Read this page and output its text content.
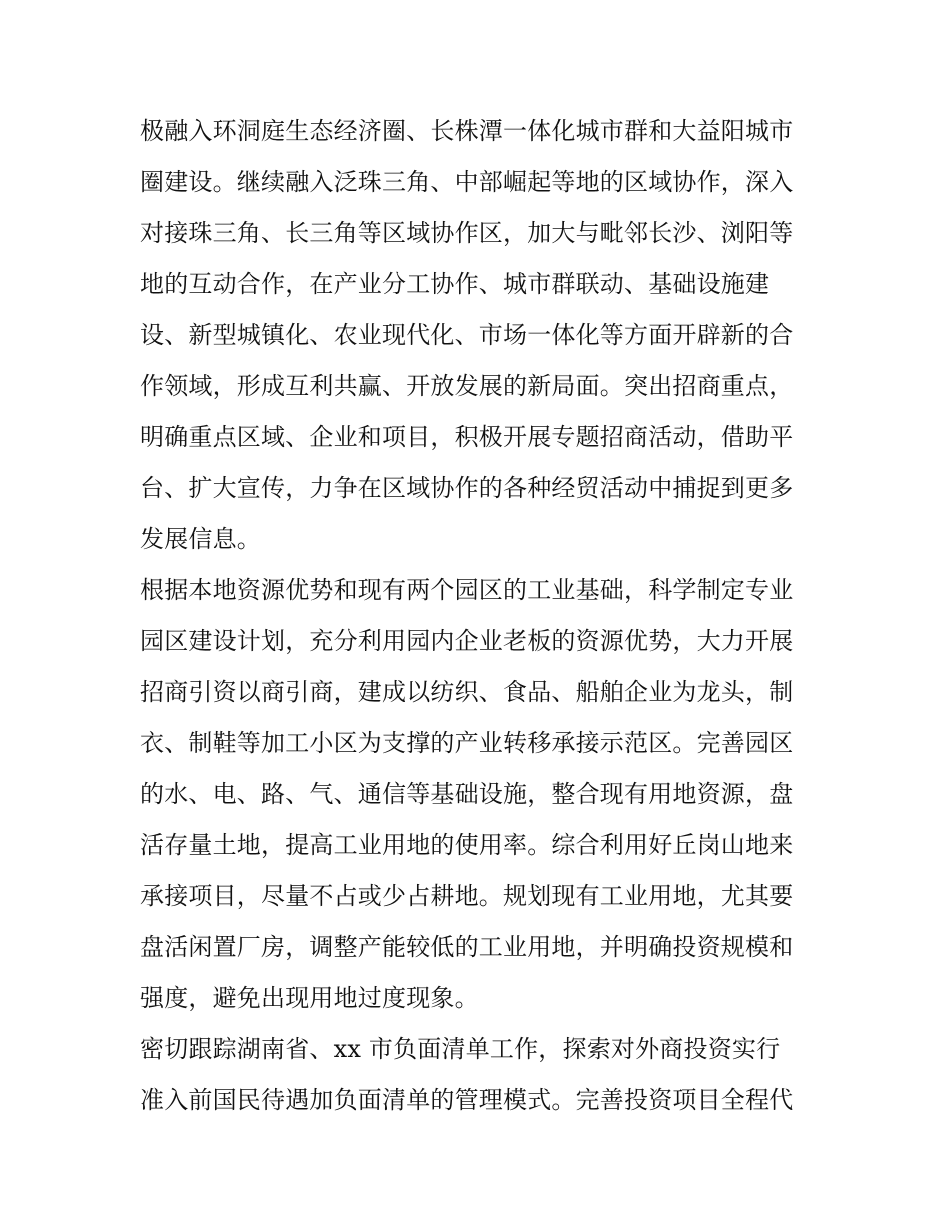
极融入环洞庭生态经济圈、长株潭一体化城市群和大益阳城市
圈建设。继续融入泛珠三角、中部崛起等地的区域协作，深入
对接珠三角、长三角等区域协作区，加大与毗邻长沙、浏阳等
地的互动合作，在产业分工协作、城市群联动、基础设施建
设、新型城镇化、农业现代化、市场一体化等方面开辟新的合
作领域，形成互利共赢、开放发展的新局面。突出招商重点，
明确重点区域、企业和项目，积极开展专题招商活动，借助平
台、扩大宣传，力争在区域协作的各种经贸活动中捕捉到更多
发展信息。
根据本地资源优势和现有两个园区的工业基础，科学制定专业
园区建设计划，充分利用园内企业老板的资源优势，大力开展
招商引资以商引商，建成以纺织、食品、船舶企业为龙头，制
衣、制鞋等加工小区为支撑的产业转移承接示范区。完善园区
的水、电、路、气、通信等基础设施，整合现有用地资源，盘
活存量土地，提高工业用地的使用率。综合利用好丘岗山地来
承接项目，尽量不占或少占耕地。规划现有工业用地，尤其要
盘活闲置厂房，调整产能较低的工业用地，并明确投资规模和
强度，避免出现用地过度现象。
密切跟踪湖南省、xx 市负面清单工作，探索对外商投资实行
准入前国民待遇加负面清单的管理模式。完善投资项目全程代
